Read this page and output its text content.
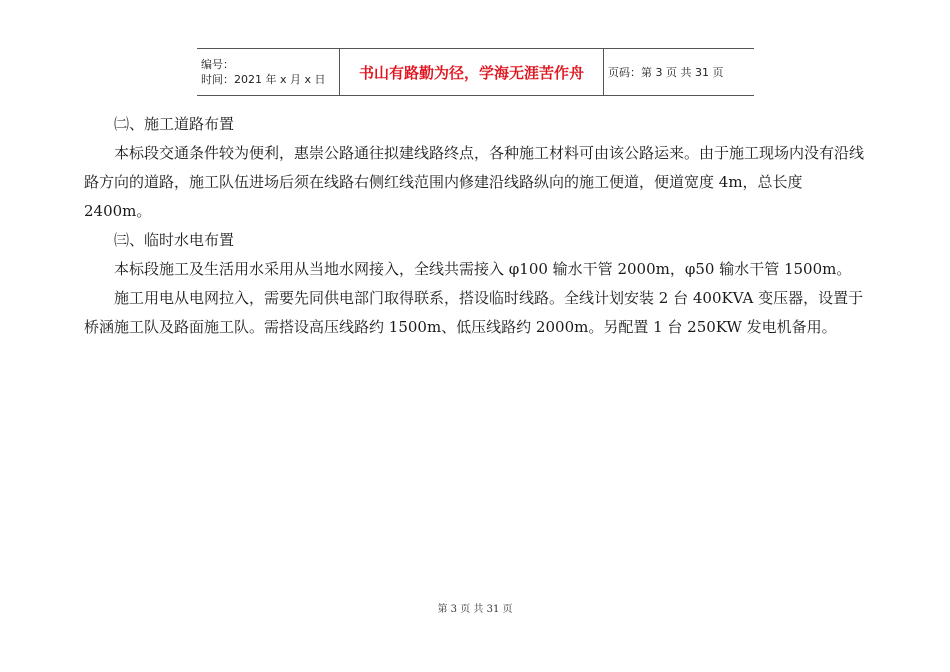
编号：
时间：2021 年 x 月 x 日	书山有路勤为径，学海无涯苦作舟	页码：第 3 页 共 31 页

㈡、施工道路布置

本标段交通条件较为便利，惠崇公路通往拟建线路终点，各种施工材料可由该公路运来。由于施工现场内没有沿线路方向的道路，施工队伍进场后须在线路右侧红线范围内修建沿线路纵向的施工便道，便道宽度 4m，总长度 2400m。

㈢、临时水电布置

本标段施工及生活用水采用从当地水网接入，全线共需接入 φ100 输水干管 2000m，φ50 输水干管 1500m。

施工用电从电网拉入，需要先同供电部门取得联系，搭设临时线路。全线计划安装 2 台 400KVA 变压器，设置于桥涵施工队及路面施工队。需搭设高压线路约 1500m、低压线路约 2000m。另配置 1 台 250KW 发电机备用。

第 3 页 共 31 页
